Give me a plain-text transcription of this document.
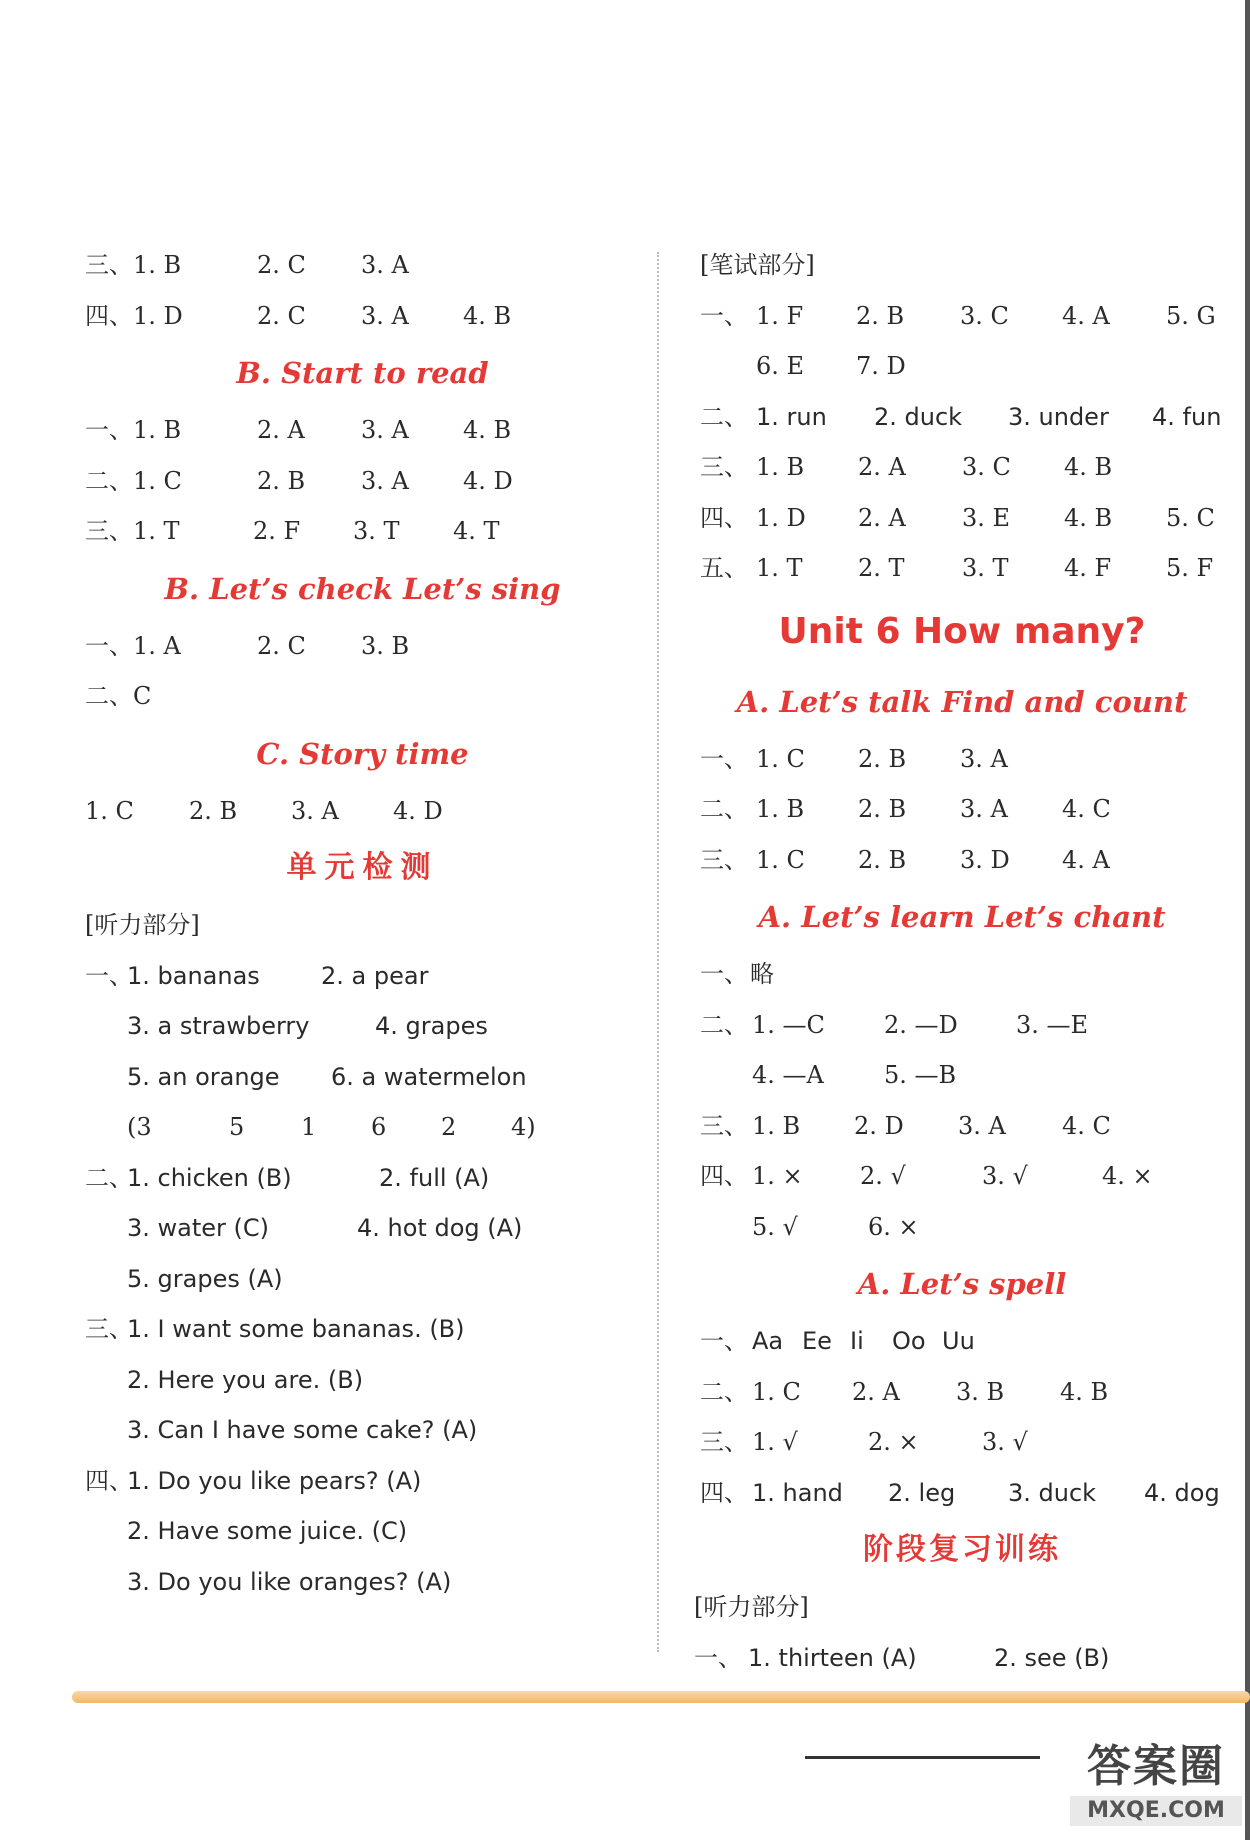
三、 1. B	2. C 3. A
四、 1. D	2. C 3. A 4. B
B. Start to read
一、 1. B	2. A 3. A 4. B
二、 1. C	2. B 3. A 4. D
三、 1. T	2. F 3. T 4. T
B. Let’s check Let’s sing
一、 1. A	2. C 3. B
二、 C
C. Story time
1. C 2. B 3. A 4. D
单元检测
[听力部分]
一、
1. bananas	2. a pear
3. a strawberry	4. grapes
5. an orange 6. a watermelon
(3	5 1 6 2 4)
二、
1. chicken (B)	2. full (A)
3. water (C)	4. hot dog (A)
5. grapes (A)
三、
1. I want some bananas. (B)
2. Here you are. (B)
3. Can I have some cake? (A)
四、
1. Do you like pears? (A)
2. Have some juice. (C)
3. Do you like oranges? (A)
[笔试部分]
一、 1. F 2. B 3. C 4. A 5. G
6. E 7. D
二、 1. run 2. duck 3. under 4. fun
三、 1. B 2. A 3. C 4. B
四、 1. D 2. A 3. E 4. B 5. C
五、 1. T 2. T 3. T 4. F 5. F
Unit 6 How many?
A. Let’s talk Find and count
一、 1. C 2. B 3. A
二、 1. B 2. B 3. A 4. C
三、 1. C 2. B 3. D 4. A
A. Let’s learn Let’s chant
一、 略
二、 1. —C 2. —D 3. —E
4. —A	5. —B
三、 1. B 2. D 3. A 4. C
四、 1. × 2. √	3. √	4. ×
5. √	6. ×
A. Let’s spell
一、 Aa Ee Ii Oo Uu
二、 1. C 2. A 3. B 4. B
三、 1. √	2. ×	3. √
四、 1. hand 2. leg 3. duck 4. dog
阶段复习训练
[听力部分]
一、 1. thirteen (A)	2. see (B)
答案圈
MXQE.COM
